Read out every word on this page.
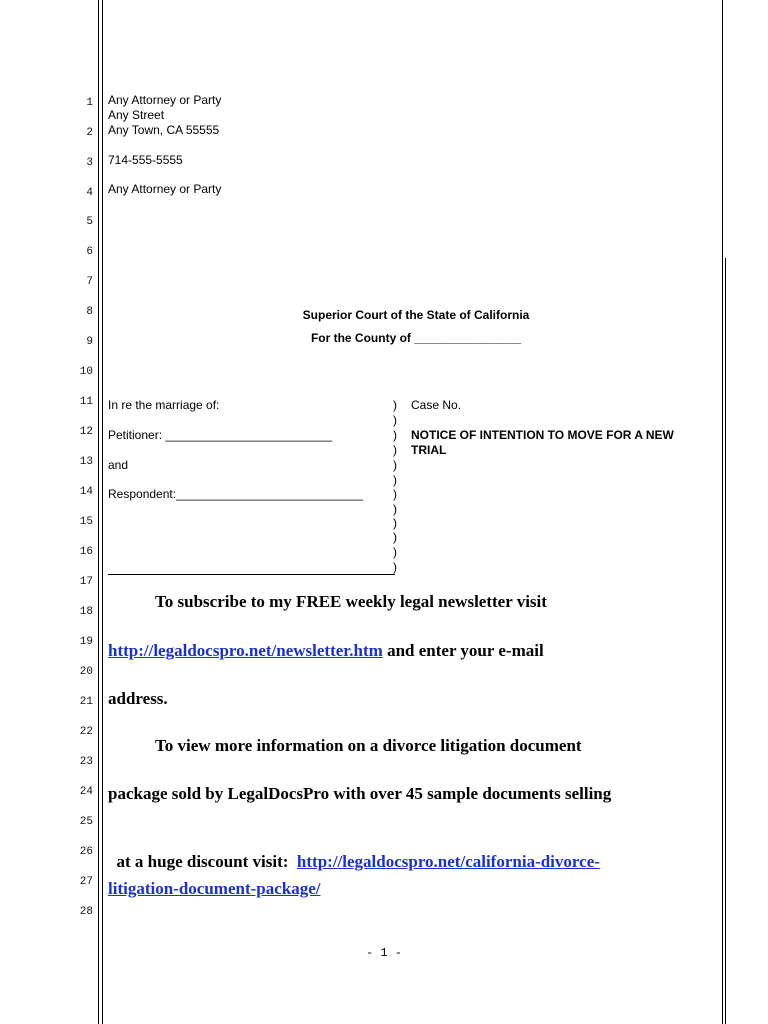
1
2
3
4
5
6
7
8
9
10
11
12
13
14
15
16
17
18
19
20
21
22
23
24
25
26
27
28
Any Attorney or Party
Any Street
Any Town, CA 55555
714-555-5555
Any Attorney or Party
Superior Court of the State of California
For the County of ________________
In re the marriage of:
Petitioner: _________________________
and
Respondent:____________________________
)
)
)
)
)
)
)
)
)
)
)
)
Case No.
NOTICE OF INTENTION TO MOVE FOR A NEW
TRIAL
To subscribe to my FREE weekly legal newsletter visit
http://legaldocspro.net/newsletter.htm and enter your e-mail
address.
To view more information on a divorce litigation document
package sold by LegalDocsPro with over 45 sample documents selling

at a huge discount visit:  http://legaldocspro.net/california-divorce-

litigation-document-package/
- 1 -
